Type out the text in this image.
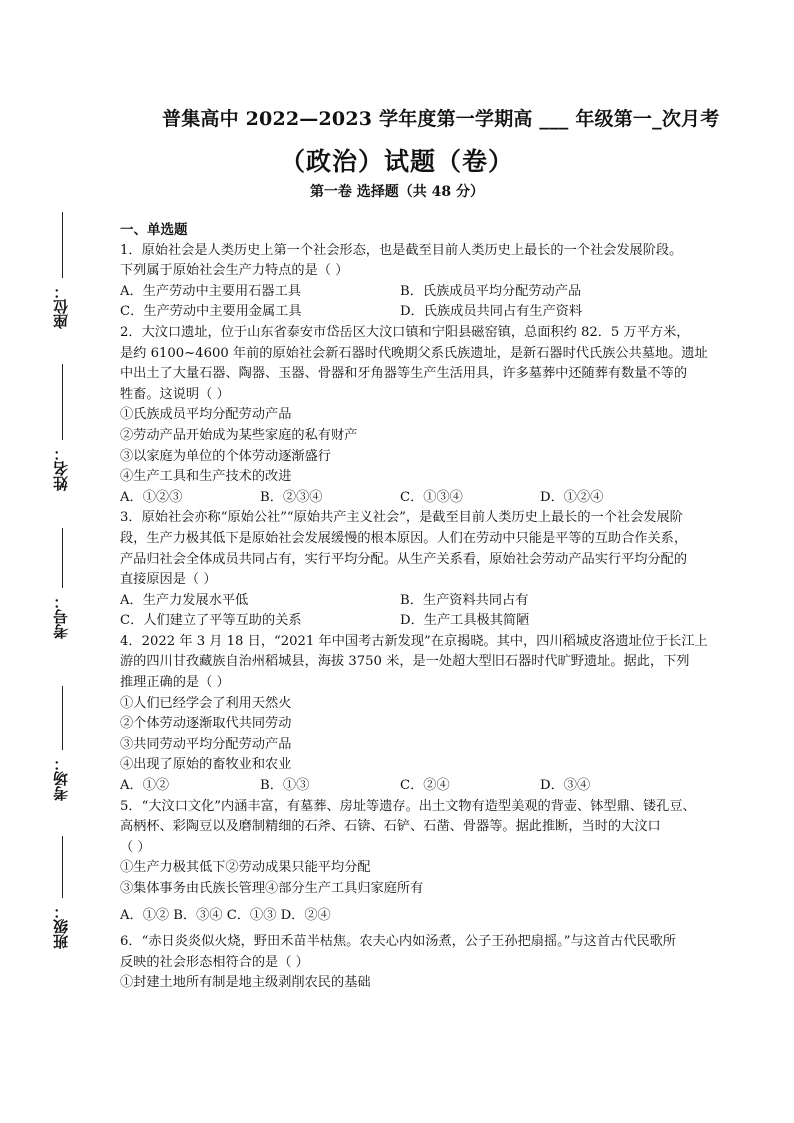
普集高中 2022—2023 学年度第一学期高 ___ 年级第一_次月考
（政治）试题（卷）
第一卷 选择题（共 48 分）
座位：
姓名：
考号：
考场：
班级：
一、单选题
1．原始社会是人类历史上第一个社会形态，也是截至目前人类历史上最长的一个社会发展阶段。
下列属于原始社会生产力特点的是（ ）
A．生产劳动中主要用石器工具	B．氏族成员平均分配劳动产品
C．生产劳动中主要用金属工具	D．氏族成员共同占有生产资料
2．大汶口遗址，位于山东省泰安市岱岳区大汶口镇和宁阳县磁窑镇，总面积约 82．5 万平方米，
是约 6100~4600 年前的原始社会新石器时代晚期父系氏族遗址，是新石器时代氏族公共墓地。遗址
中出土了大量石器、陶器、玉器、骨器和牙角器等生产生活用具，许多墓葬中还随葬有数量不等的
牲畜。这说明（ ）
①氏族成员平均分配劳动产品
②劳动产品开始成为某些家庭的私有财产
③以家庭为单位的个体劳动逐渐盛行
④生产工具和生产技术的改进
A．①②③	B．②③④	C．①③④	D．①②④
3．原始社会亦称“原始公社”“原始共产主义社会”，是截至目前人类历史上最长的一个社会发展阶
段，生产力极其低下是原始社会发展缓慢的根本原因。人们在劳动中只能是平等的互助合作关系，
产品归社会全体成员共同占有，实行平均分配。从生产关系看，原始社会劳动产品实行平均分配的
直接原因是（ ）
A．生产力发展水平低	B．生产资料共同占有
C．人们建立了平等互助的关系	D．生产工具极其简陋
4．2022 年 3 月 18 日，“2021 年中国考古新发现”在京揭晓。其中，四川稻城皮洛遗址位于长江上
游的四川甘孜藏族自治州稻城县，海拔 3750 米，是一处超大型旧石器时代旷野遗址。据此，下列
推理正确的是（ ）
①人们已经学会了利用天然火
②个体劳动逐渐取代共同劳动
③共同劳动平均分配劳动产品
④出现了原始的畜牧业和农业
A．①②	B．①③	C．②④	D．③④
5．“大汶口文化”内涵丰富，有墓葬、房址等遗存。出土文物有造型美观的背壶、钵型鼎、镂孔豆、
高柄杯、彩陶豆以及磨制精细的石斧、石锛、石铲、石凿、骨器等。据此推断，当时的大汶口
（ ）
①生产力极其低下②劳动成果只能平均分配
③集体事务由氏族长管理④部分生产工具归家庭所有
A．①② B．③④ C．①③ D．②④
6．“赤日炎炎似火烧，野田禾苗半枯焦。农夫心内如汤煮，公子王孙把扇摇。”与这首古代民歌所
反映的社会形态相符合的是（ ）
①封建土地所有制是地主级剥削农民的基础
